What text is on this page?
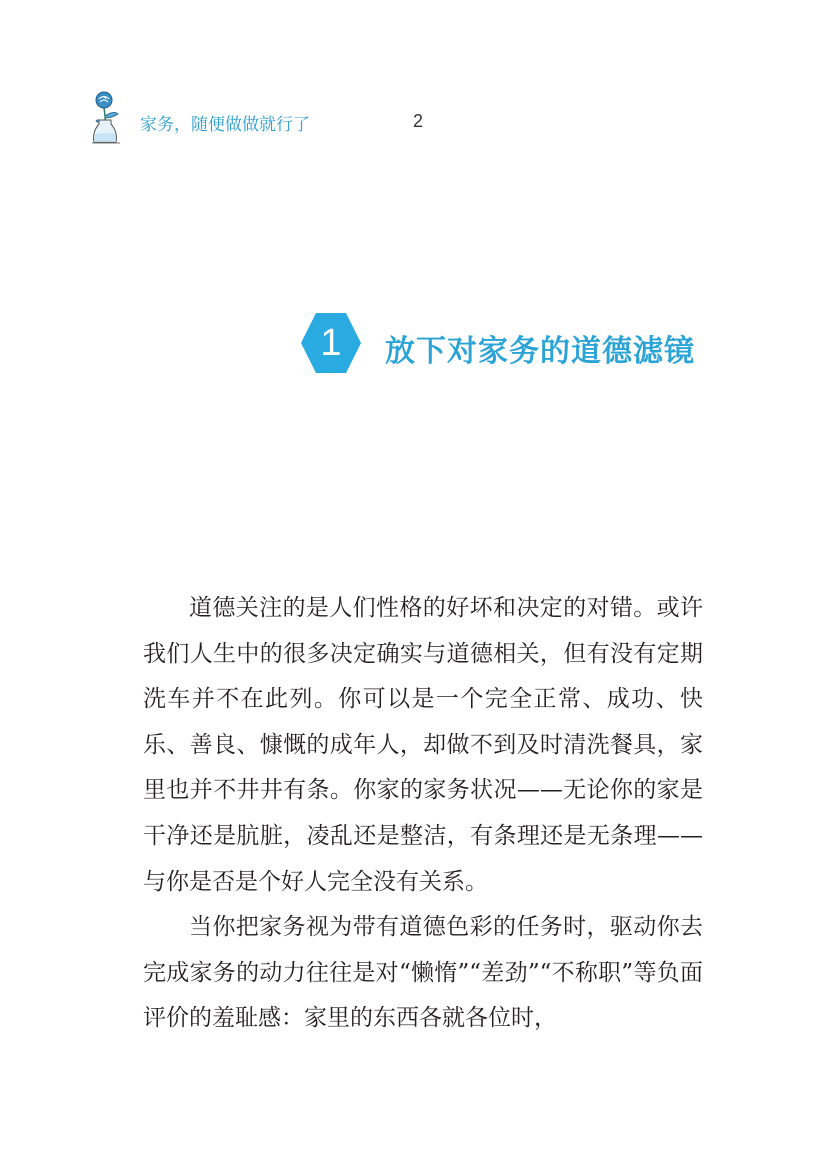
家务，随便做做就行了	2
1	放下对家务的道德滤镜

道德关注的是人们性格的好坏和决定的对错。或许我们人生中的很多决定确实与道德相关，但有没有定期洗车并不在此列。你可以是一个完全正常、成功、快乐、善良、慷慨的成年人，却做不到及时清洗餐具，家里也并不井井有条。你家的家务状况——无论你的家是干净还是肮脏，凌乱还是整洁，有条理还是无条理——与你是否是个好人完全没有关系。

当你把家务视为带有道德色彩的任务时，驱动你去完成家务的动力往往是对“懒惰”“差劲”“不称职”等负面评价的羞耻感：家里的东西各就各位时，
